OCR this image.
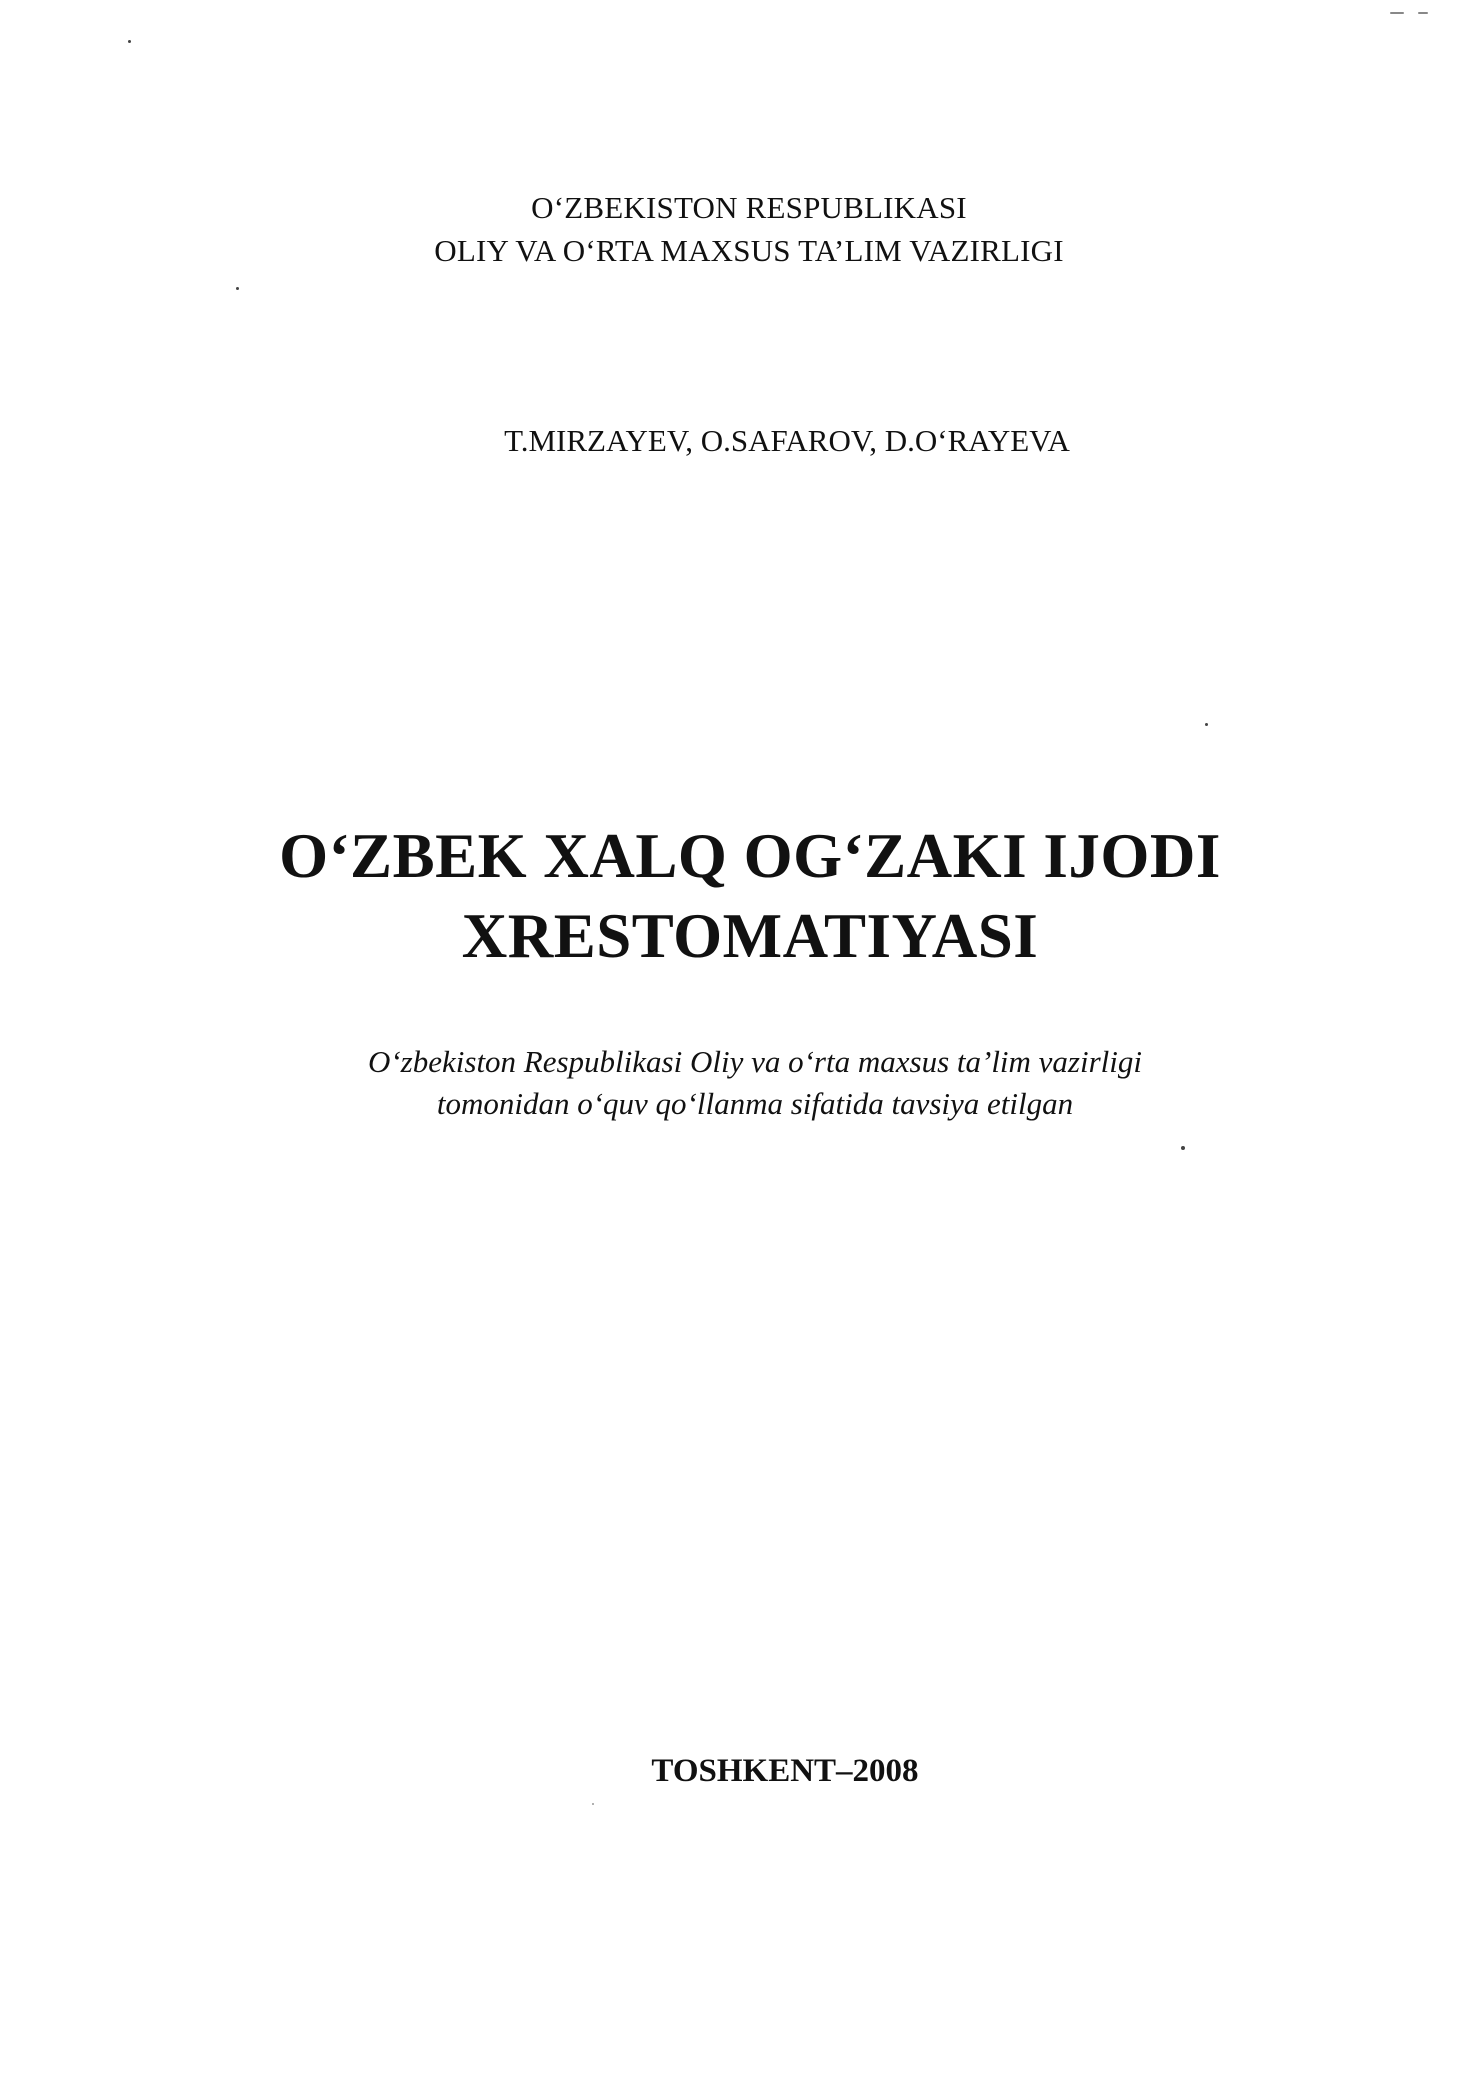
O‘ZBEKISTON RESPUBLIKASI
OLIY VA O‘RTA MAXSUS TA’LIM VAZIRLIGI
T.MIRZAYEV, O.SAFAROV, D.O‘RAYEVA
O‘ZBEK XALQ OG‘ZAKI IJODI
XRESTOMATIYASI
O‘zbekiston Respublikasi Oliy va o‘rta maxsus ta’lim vazirligi
tomonidan o‘quv qo‘llanma sifatida tavsiya etilgan
TOSHKENT–2008
